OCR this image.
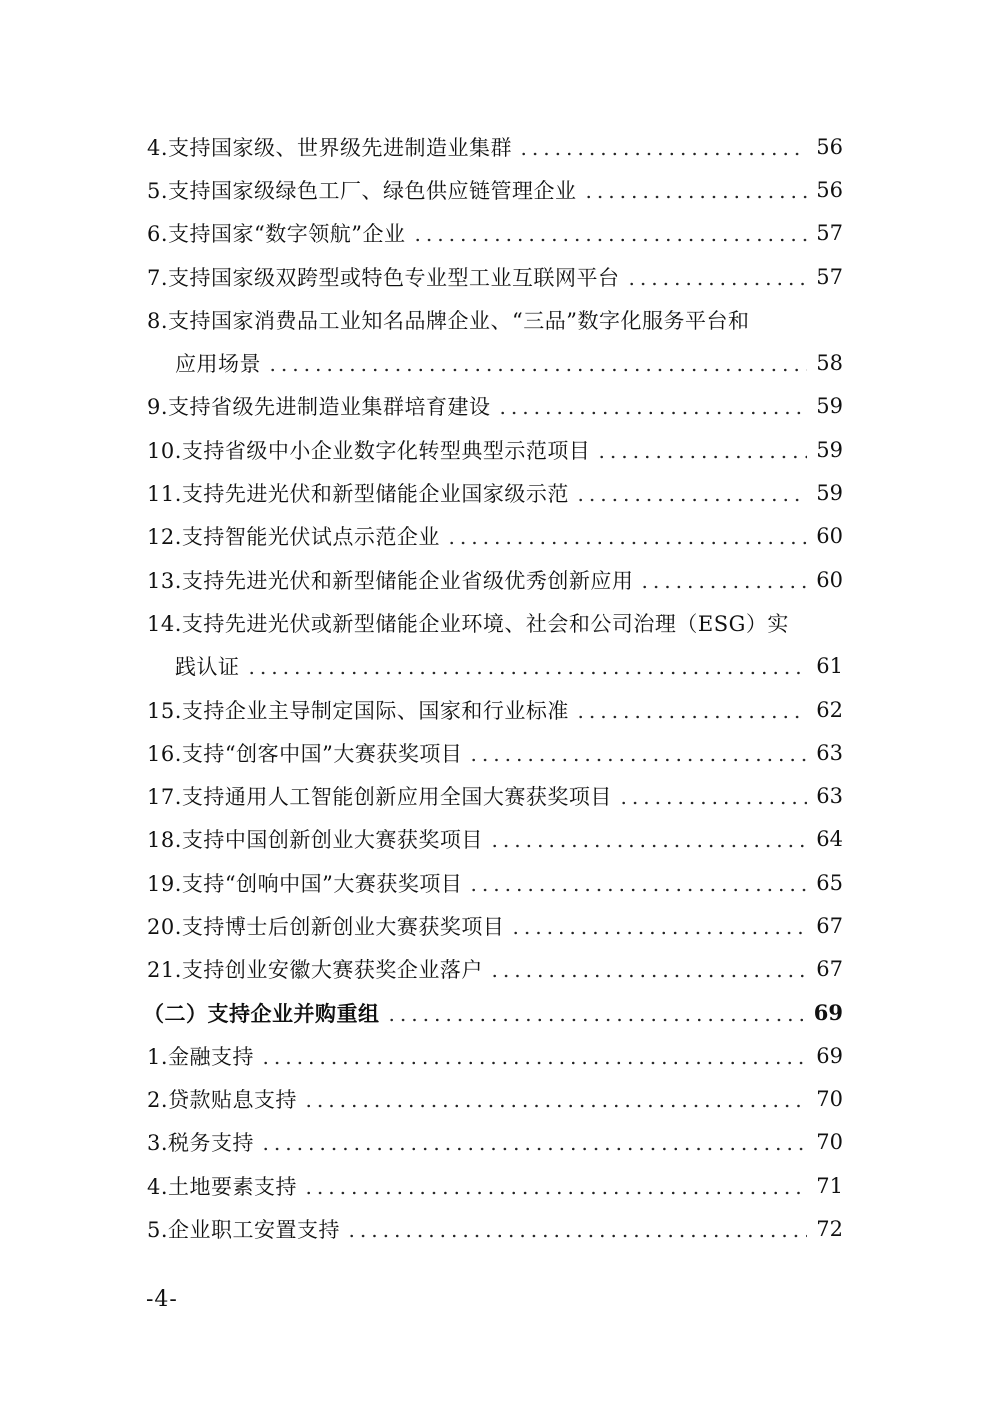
4.支持国家级、世界级先进制造业集群	56
5.支持国家级绿色工厂、绿色供应链管理企业	56
6.支持国家“数字领航”企业	57
7.支持国家级双跨型或特色专业型工业互联网平台	57
8.支持国家消费品工业知名品牌企业、“三品”数字化服务平台和
应用场景	58
9.支持省级先进制造业集群培育建设	59
10.支持省级中小企业数字化转型典型示范项目	59
11.支持先进光伏和新型储能企业国家级示范	59
12.支持智能光伏试点示范企业	60
13.支持先进光伏和新型储能企业省级优秀创新应用	60
14.支持先进光伏或新型储能企业环境、社会和公司治理（ESG）实
践认证	61
15.支持企业主导制定国际、国家和行业标准	62
16.支持“创客中国”大赛获奖项目	63
17.支持通用人工智能创新应用全国大赛获奖项目	63
18.支持中国创新创业大赛获奖项目	64
19.支持“创响中国”大赛获奖项目	65
20.支持博士后创新创业大赛获奖项目	67
21.支持创业安徽大赛获奖企业落户	67
（二）支持企业并购重组	69
1.金融支持	69
2.贷款贴息支持	70
3.税务支持	70
4.土地要素支持	71
5.企业职工安置支持	72
-4-
